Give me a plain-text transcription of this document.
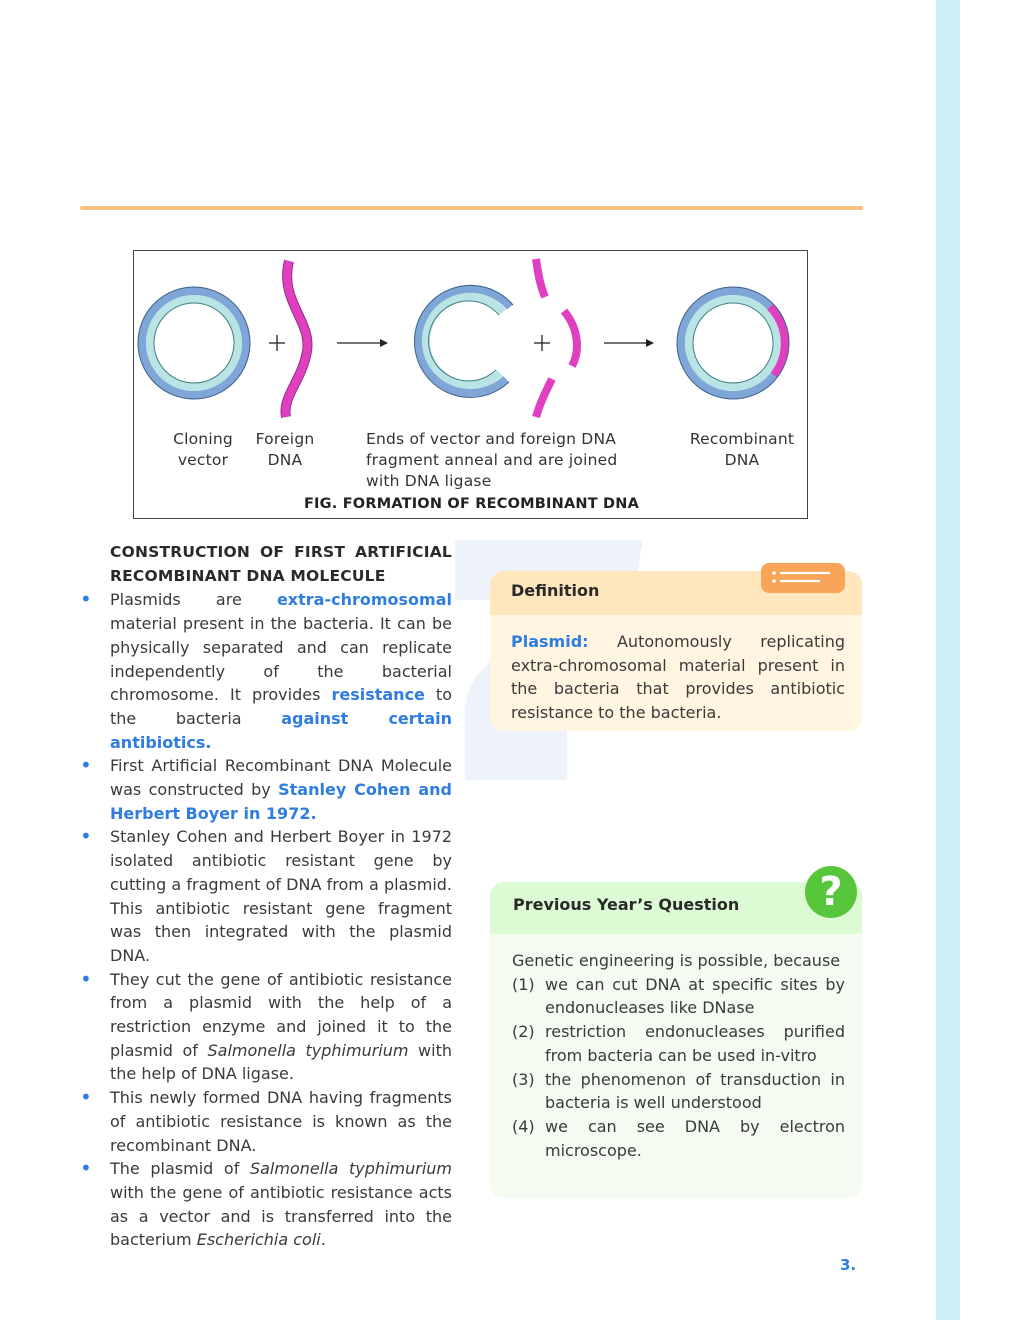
Cloning
vector
Foreign
DNA
Ends of vector and foreign DNA
fragment anneal and are joined
with DNA ligase
Recombinant
DNA
FIG. FORMATION OF RECOMBINANT DNA
CONSTRUCTION OF FIRST ARTIFICIAL RECOMBINANT DNA MOLECULE
• Plasmids are extra-chromosomal material present in the bacteria. It can be physically separated and can replicate independently of the bacterial chromosome. It provides resistance to the bacteria against certain antibiotics.
• First Artificial Recombinant DNA Molecule was constructed by Stanley Cohen and Herbert Boyer in 1972.
• Stanley Cohen and Herbert Boyer in 1972 isolated antibiotic resistant gene by cutting a fragment of DNA from a plasmid. This antibiotic resistant gene fragment was then integrated with the plasmid DNA.
• They cut the gene of antibiotic resistance from a plasmid with the help of a restriction enzyme and joined it to the plasmid of Salmonella typhimurium with the help of DNA ligase.
• This newly formed DNA having fragments of antibiotic resistance is known as the recombinant DNA.
• The plasmid of Salmonella typhimurium with the gene of antibiotic resistance acts as a vector and is transferred into the bacterium Escherichia coli.
Definition
Plasmid: Autonomously replicating extra-chromosomal material present in the bacteria that provides antibiotic resistance to the bacteria.
Previous Year’s Question	?
Genetic engineering is possible, because
(1) we can cut DNA at specific sites by endonucleases like DNase
(2) restriction endonucleases purified from bacteria can be used in-vitro
(3) the phenomenon of transduction in bacteria is well understood
(4) we can see DNA by electron microscope.
3.
